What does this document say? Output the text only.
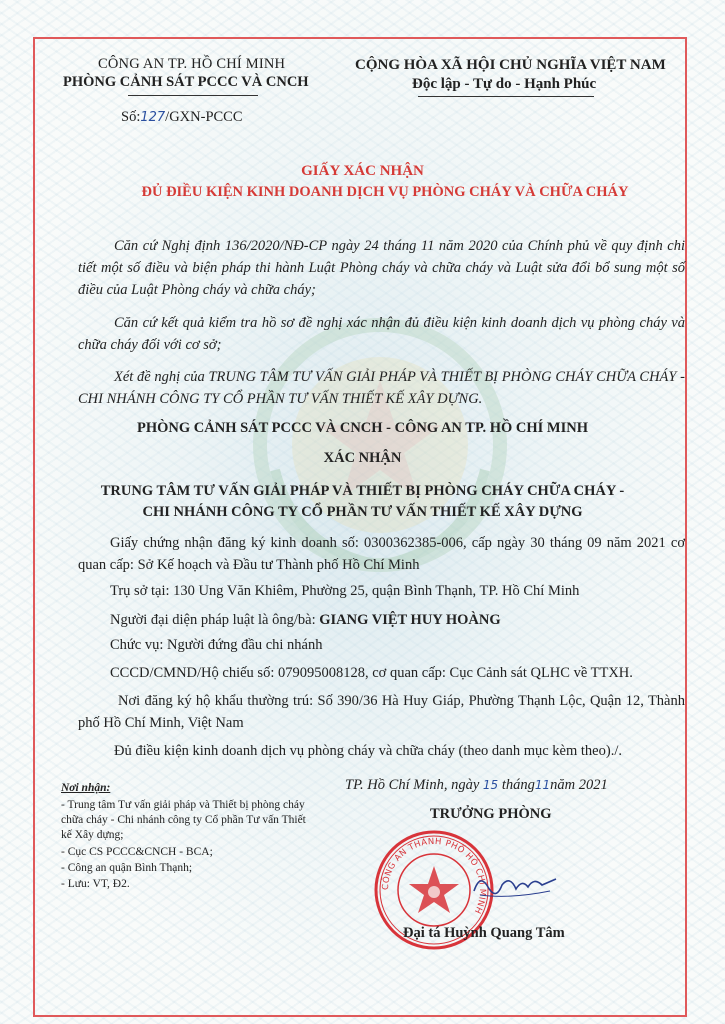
CÔNG AN TP. HỒ CHÍ MINH
PHÒNG CẢNH SÁT PCCC VÀ CNCH
Số:127/GXN-PCCC
CỘNG HÒA XÃ HỘI CHỦ NGHĨA VIỆT NAM
Độc lập - Tự do - Hạnh Phúc
GIẤY XÁC NHẬN
ĐỦ ĐIỀU KIỆN KINH DOANH DỊCH VỤ PHÒNG CHÁY VÀ CHỮA CHÁY
Căn cứ Nghị định 136/2020/NĐ-CP ngày 24 tháng 11 năm 2020 của Chính phủ về quy định chi tiết một số điều và biện pháp thi hành Luật Phòng cháy và chữa cháy và Luật sửa đổi bổ sung một số điều của Luật Phòng cháy và chữa cháy;
Căn cứ kết quả kiểm tra hồ sơ đề nghị xác nhận đủ điều kiện kinh doanh dịch vụ phòng cháy và chữa cháy đối với cơ sở;
Xét đề nghị của TRUNG TÂM TƯ VẤN GIẢI PHÁP VÀ THIẾT BỊ PHÒNG CHÁY CHỮA CHÁY - CHI NHÁNH CÔNG TY CỔ PHẦN TƯ VẤN THIẾT KẾ XÂY DỰNG.
PHÒNG CẢNH SÁT PCCC VÀ CNCH - CÔNG AN TP. HỒ CHÍ MINH
XÁC NHẬN
TRUNG TÂM TƯ VẤN GIẢI PHÁP VÀ THIẾT BỊ PHÒNG CHÁY CHỮA CHÁY -
CHI NHÁNH CÔNG TY CỔ PHẦN TƯ VẤN THIẾT KẾ XÂY DỰNG
Giấy chứng nhận đăng ký kinh doanh số: 0300362385-006, cấp ngày 30 tháng 09 năm 2021 cơ quan cấp: Sở Kế hoạch và Đầu tư Thành phố Hồ Chí Minh
Trụ sở tại: 130 Ung Văn Khiêm, Phường 25, quận Bình Thạnh, TP. Hồ Chí Minh
Người đại diện pháp luật là ông/bà: GIANG VIỆT HUY HOÀNG
Chức vụ: Người đứng đầu chi nhánh
CCCD/CMND/Hộ chiếu số: 079095008128, cơ quan cấp: Cục Cảnh sát QLHC về TTXH.
Nơi đăng ký hộ khẩu thường trú: Số 390/36 Hà Huy Giáp, Phường Thạnh Lộc, Quận 12, Thành phố Hồ Chí Minh, Việt Nam
Đủ điều kiện kinh doanh dịch vụ phòng cháy và chữa cháy (theo danh mục kèm theo)./.
Nơi nhận:
- Trung tâm Tư vấn giải pháp và Thiết bị phòng cháy chữa cháy - Chi nhánh công ty Cổ phần Tư vấn Thiết kế Xây dựng;
- Cục CS PCCC&CNCH - BCA;
- Công an quận Bình Thạnh;
- Lưu: VT, Đ2.
TP. Hồ Chí Minh, ngày 15 tháng11năm 2021
TRƯỞNG PHÒNG
CÔNG AN THÀNH PHỐ HỒ CHÍ MINH
Đại tá Huỳnh Quang Tâm
